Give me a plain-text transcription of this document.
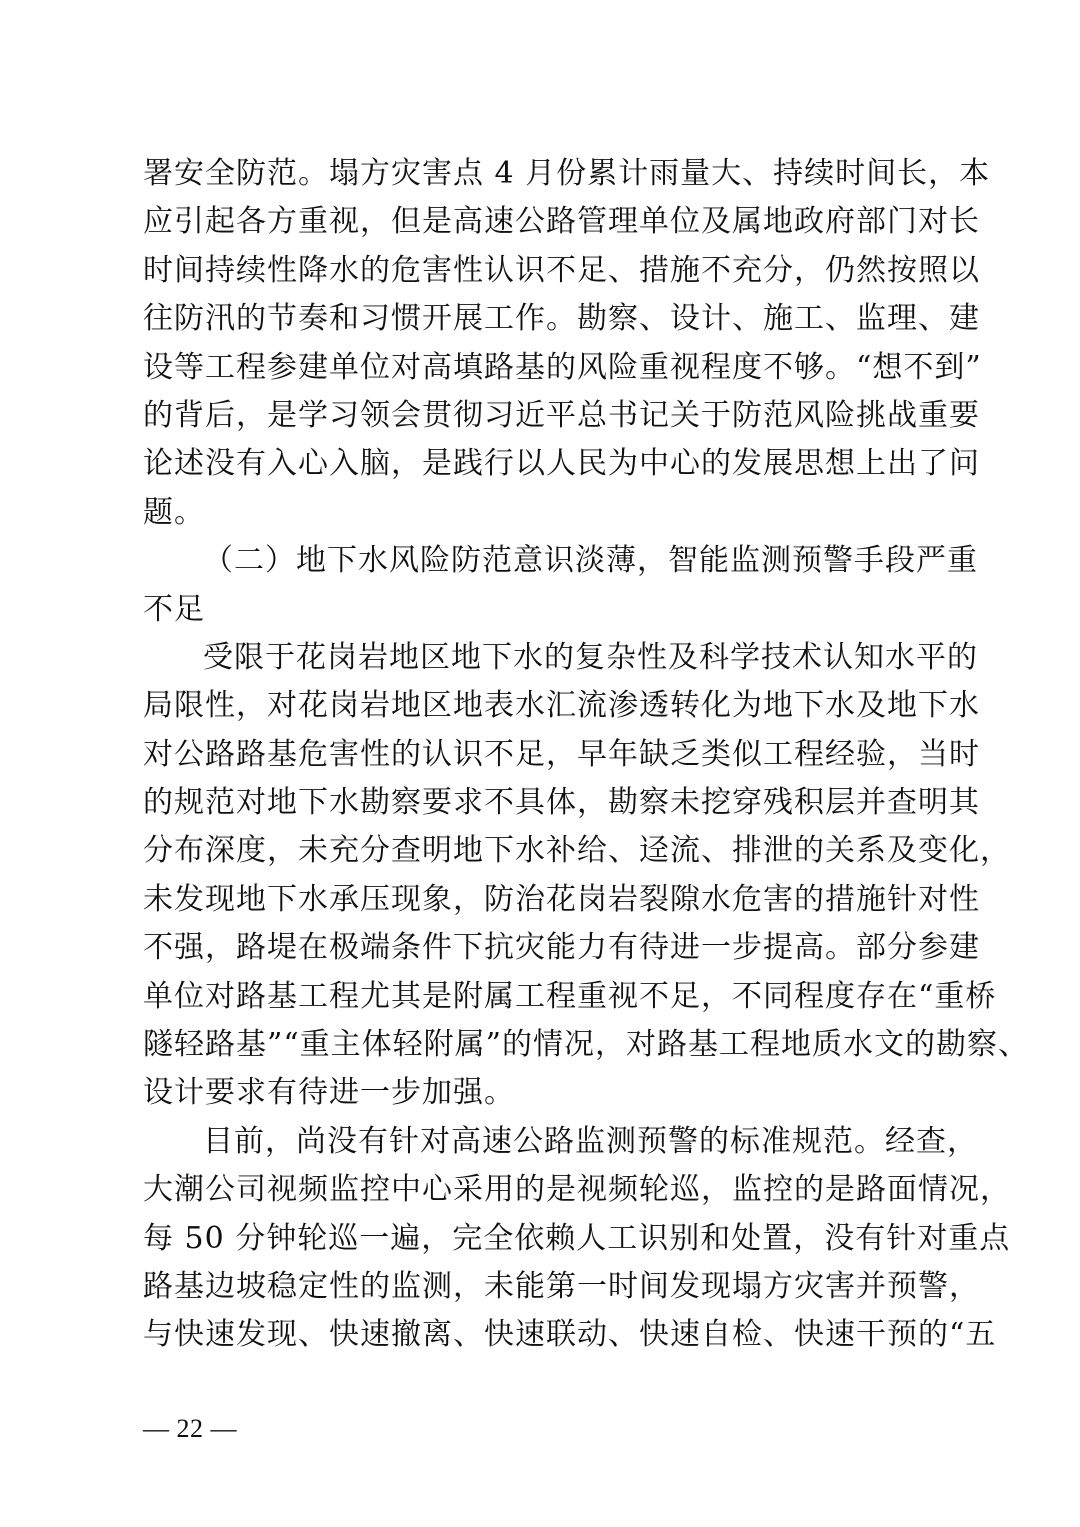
署安全防范。塌方灾害点 4 月份累计雨量大、持续时间长，本
应引起各方重视，但是高速公路管理单位及属地政府部门对长
时间持续性降水的危害性认识不足、措施不充分，仍然按照以
往防汛的节奏和习惯开展工作。勘察、设计、施工、监理、建
设等工程参建单位对高填路基的风险重视程度不够。“想不到”
的背后，是学习领会贯彻习近平总书记关于防范风险挑战重要
论述没有入心入脑，是践行以人民为中心的发展思想上出了问
题。
（二）地下水风险防范意识淡薄，智能监测预警手段严重
不足
受限于花岗岩地区地下水的复杂性及科学技术认知水平的
局限性，对花岗岩地区地表水汇流渗透转化为地下水及地下水
对公路路基危害性的认识不足，早年缺乏类似工程经验，当时
的规范对地下水勘察要求不具体，勘察未挖穿残积层并查明其
分布深度，未充分查明地下水补给、迳流、排泄的关系及变化，
未发现地下水承压现象，防治花岗岩裂隙水危害的措施针对性
不强，路堤在极端条件下抗灾能力有待进一步提高。部分参建
单位对路基工程尤其是附属工程重视不足，不同程度存在“重桥
隧轻路基”“重主体轻附属”的情况，对路基工程地质水文的勘察、
设计要求有待进一步加强。
目前，尚没有针对高速公路监测预警的标准规范。经查，
大潮公司视频监控中心采用的是视频轮巡，监控的是路面情况，
每 50 分钟轮巡一遍，完全依赖人工识别和处置，没有针对重点
路基边坡稳定性的监测，未能第一时间发现塌方灾害并预警，
与快速发现、快速撤离、快速联动、快速自检、快速干预的“五
— 22 —
